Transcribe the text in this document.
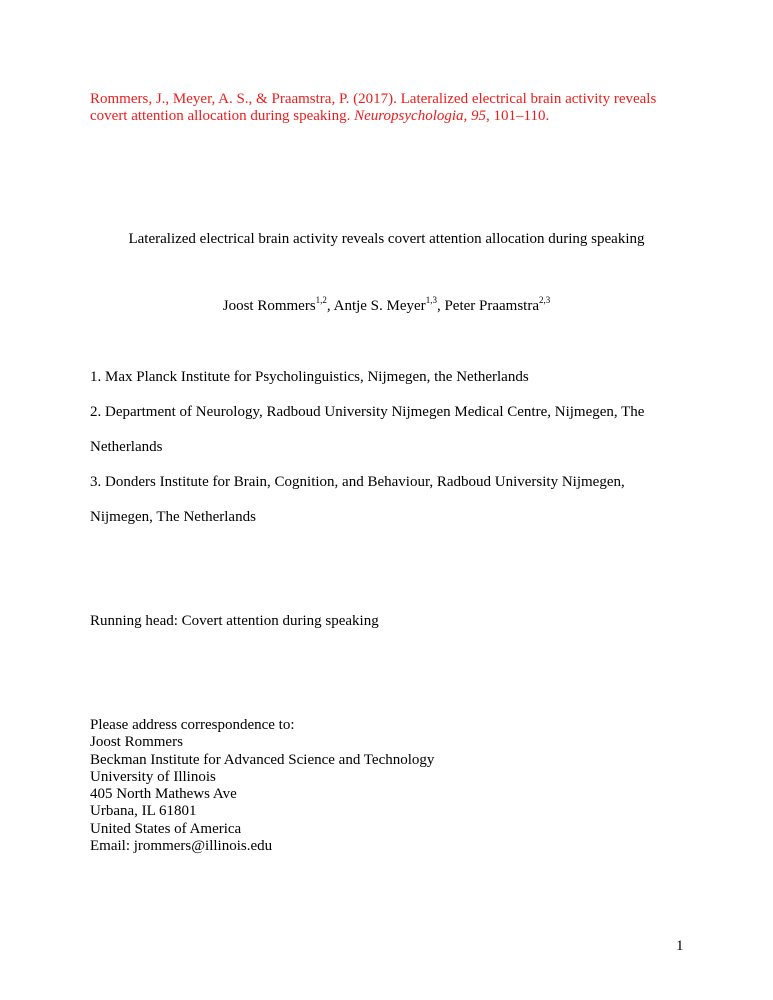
Rommers, J., Meyer, A. S., & Praamstra, P. (2017). Lateralized electrical brain activity reveals covert attention allocation during speaking. Neuropsychologia, 95, 101–110.
Lateralized electrical brain activity reveals covert attention allocation during speaking
Joost Rommers$^{1,2}$, Antje S. Meyer$^{1,3}$, Peter Praamstra$^{2,3}$
1. Max Planck Institute for Psycholinguistics, Nijmegen, the Netherlands
2. Department of Neurology, Radboud University Nijmegen Medical Centre, Nijmegen, The
Netherlands
3. Donders Institute for Brain, Cognition, and Behaviour, Radboud University Nijmegen,
Nijmegen, The Netherlands
Running head: Covert attention during speaking
Please address correspondence to:
Joost Rommers
Beckman Institute for Advanced Science and Technology
University of Illinois
405 North Mathews Ave
Urbana, IL 61801
United States of America
Email: jrommers@illinois.edu
1
